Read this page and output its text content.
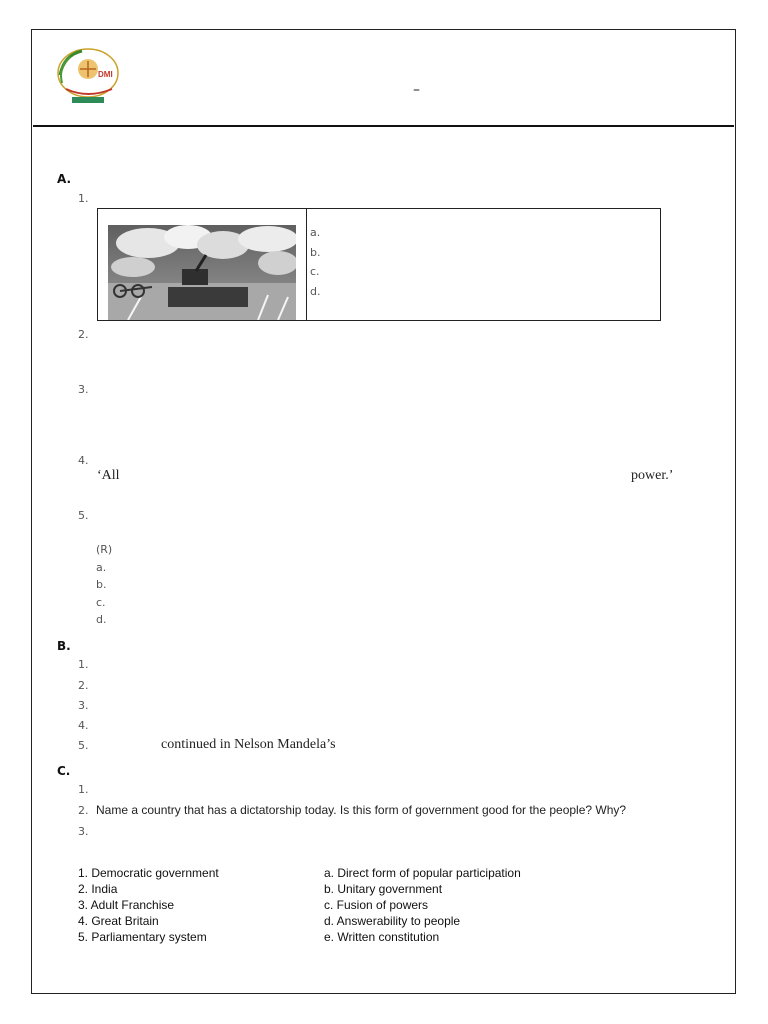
DMI
–
A.
1.
a.
b.
c.
d.
2.
3.
4.
‘All	power.’
5.
(R)
a.
b.
c.
d.
B.
1.
2.
3.
4.
5.	continued in Nelson Mandela’s
C.
1.
2. Name a country that has a dictatorship today. Is this form of government good for the people? Why?
3.
1. Democratic government
2. India
3. Adult Franchise
4. Great Britain
5. Parliamentary system
a. Direct form of popular participation
b. Unitary government
c. Fusion of powers
d. Answerability to people
e. Written constitution
